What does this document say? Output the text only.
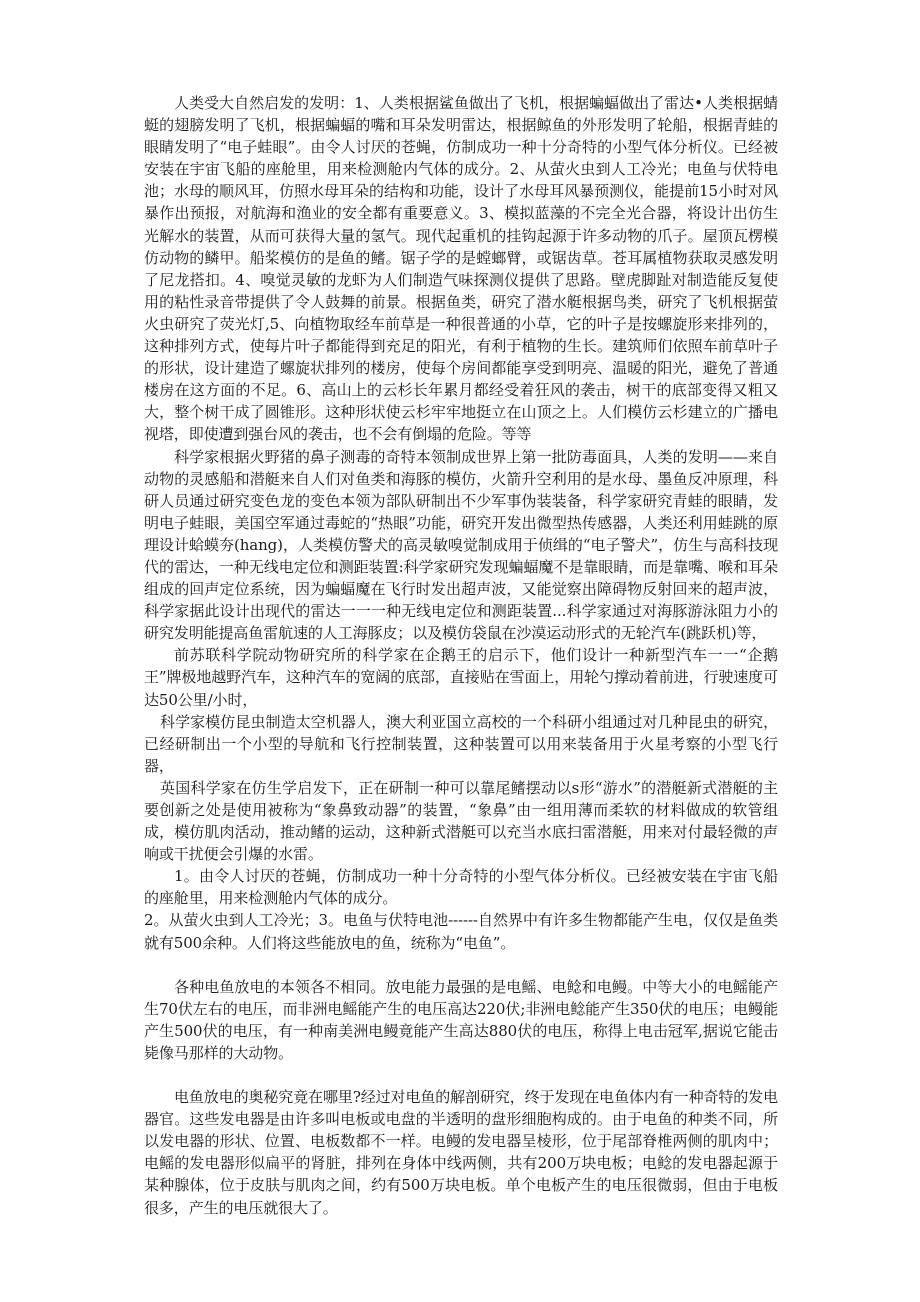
人类受大自然启发的发明：1、人类根据鲨鱼做出了飞机，根据蝙蝠做出了雷达•人类根据蜻蜓的翅膀发明了飞机，根据蝙蝠的嘴和耳朵发明雷达，根据鲸鱼的外形发明了轮船，根据青蛙的眼睛发明了“电子蛙眼”。由令人讨厌的苍蝇，仿制成功一种十分奇特的小型气体分析仪。已经被安装在宇宙飞船的座舱里，用来检测舱内气体的成分。2、从萤火虫到人工冷光；电鱼与伏特电池；水母的顺风耳，仿照水母耳朵的结构和功能，设计了水母耳风暴预测仪，能提前15小时对风暴作出预报，对航海和渔业的安全都有重要意义。3、模拟蓝藻的不完全光合器，将设计出仿生光解水的装置，从而可获得大量的氢气。现代起重机的挂钩起源于许多动物的爪子。屋顶瓦楞模仿动物的鳞甲。船桨模仿的是鱼的鳍。锯子学的是螳螂臂，或锯齿草。苍耳属植物获取灵感发明了尼龙搭扣。4、嗅觉灵敏的龙虾为人们制造气味探测仪提供了思路。壁虎脚趾对制造能反复使用的粘性录音带提供了令人鼓舞的前景。根据鱼类，研究了潜水艇根据鸟类，研究了飞机根据萤火虫研究了荧光灯,5、向植物取经车前草是一种很普通的小草，它的叶子是按螺旋形来排列的，这种排列方式，使每片叶子都能得到充足的阳光，有利于植物的生长。建筑师们依照车前草叶子的形状，设计建造了螺旋状排列的楼房，使每个房间都能享受到明亮、温暖的阳光，避免了普通楼房在这方面的不足。6、高山上的云杉长年累月都经受着狂风的袭击，树干的底部变得又粗又大，整个树干成了圆锥形。这种形状使云杉牢牢地挺立在山顶之上。人们模仿云杉建立的广播电视塔，即使遭到强台风的袭击，也不会有倒塌的危险。等等

科学家根据火野猪的鼻子测毒的奇特本领制成世界上第一批防毒面具，人类的发明——来自动物的灵感船和潜艇来自人们对鱼类和海豚的模仿，火箭升空利用的是水母、墨鱼反冲原理，科研人员通过研究变色龙的变色本领为部队研制出不少军事伪装装备，科学家研究青蛙的眼睛，发明电子蛙眼，美国空军通过毒蛇的“热眼”功能，研究开发出微型热传感器，人类还利用蛙跳的原理设计蛤蟆夯(hang)，人类模仿警犬的高灵敏嗅觉制成用于侦缉的“电子警犬”，仿生与高科技现代的雷达，一种无线电定位和测距装置:科学家研究发现蝙蝠魔不是靠眼睛，而是靠嘴、喉和耳朵组成的回声定位系统，因为蝙蝠魔在飞行时发出超声波，又能觉察出障碍物反射回来的超声波，科学家据此设计出现代的雷达一一一种无线电定位和测距装置...科学家通过对海豚游泳阻力小的研究发明能提高鱼雷航速的人工海豚皮；以及模仿袋鼠在沙漠运动形式的无轮汽车(跳跃机)等，

前苏联科学院动物研究所的科学家在企鹅王的启示下，他们设计一种新型汽车一一“企鹅王”牌极地越野汽车，这种汽车的宽阔的底部，直接贴在雪面上，用轮勺撑动着前进，行驶速度可达50公里/小时，

科学家模仿昆虫制造太空机器人，澳大利亚国立高校的一个科研小组通过对几种昆虫的研究，已经研制出一个小型的导航和飞行控制装置，这种装置可以用来装备用于火星考察的小型飞行器，

英国科学家在仿生学启发下，正在研制一种可以靠尾鳍摆动以s形“游水”的潜艇新式潜艇的主要创新之处是使用被称为“象鼻致动器”的装置，“象鼻”由一组用薄而柔软的材料做成的软管组成，模仿肌肉活动，推动鳍的运动，这种新式潜艇可以充当水底扫雷潜艇，用来对付最轻微的声响或干扰便会引爆的水雷。

1。由令人讨厌的苍蝇，仿制成功一种十分奇特的小型气体分析仪。已经被安装在宇宙飞船的座舱里，用来检测舱内气体的成分。

2。从萤火虫到人工冷光；3。电鱼与伏特电池------自然界中有许多生物都能产生电，仅仅是鱼类就有500余种。人们将这些能放电的鱼，统称为“电鱼”。

各种电鱼放电的本领各不相同。放电能力最强的是电鳐、电鲶和电鳗。中等大小的电鳐能产生70伏左右的电压，而非洲电鳐能产生的电压高达220伏;非洲电鲶能产生350伏的电压；电鳗能产生500伏的电压，有一种南美洲电鳗竟能产生高达880伏的电压，称得上电击冠军,据说它能击毙像马那样的大动物。

电鱼放电的奥秘究竟在哪里?经过对电鱼的解剖研究，终于发现在电鱼体内有一种奇特的发电器官。这些发电器是由许多叫电板或电盘的半透明的盘形细胞构成的。由于电鱼的种类不同，所以发电器的形状、位置、电板数都不一样。电鳗的发电器呈棱形，位于尾部脊椎两侧的肌肉中；电鳐的发电器形似扁平的肾脏，排列在身体中线两侧，共有200万块电板；电鲶的发电器起源于某种腺体，位于皮肤与肌肉之间，约有500万块电板。单个电板产生的电压很微弱，但由于电板很多，产生的电压就很大了。
